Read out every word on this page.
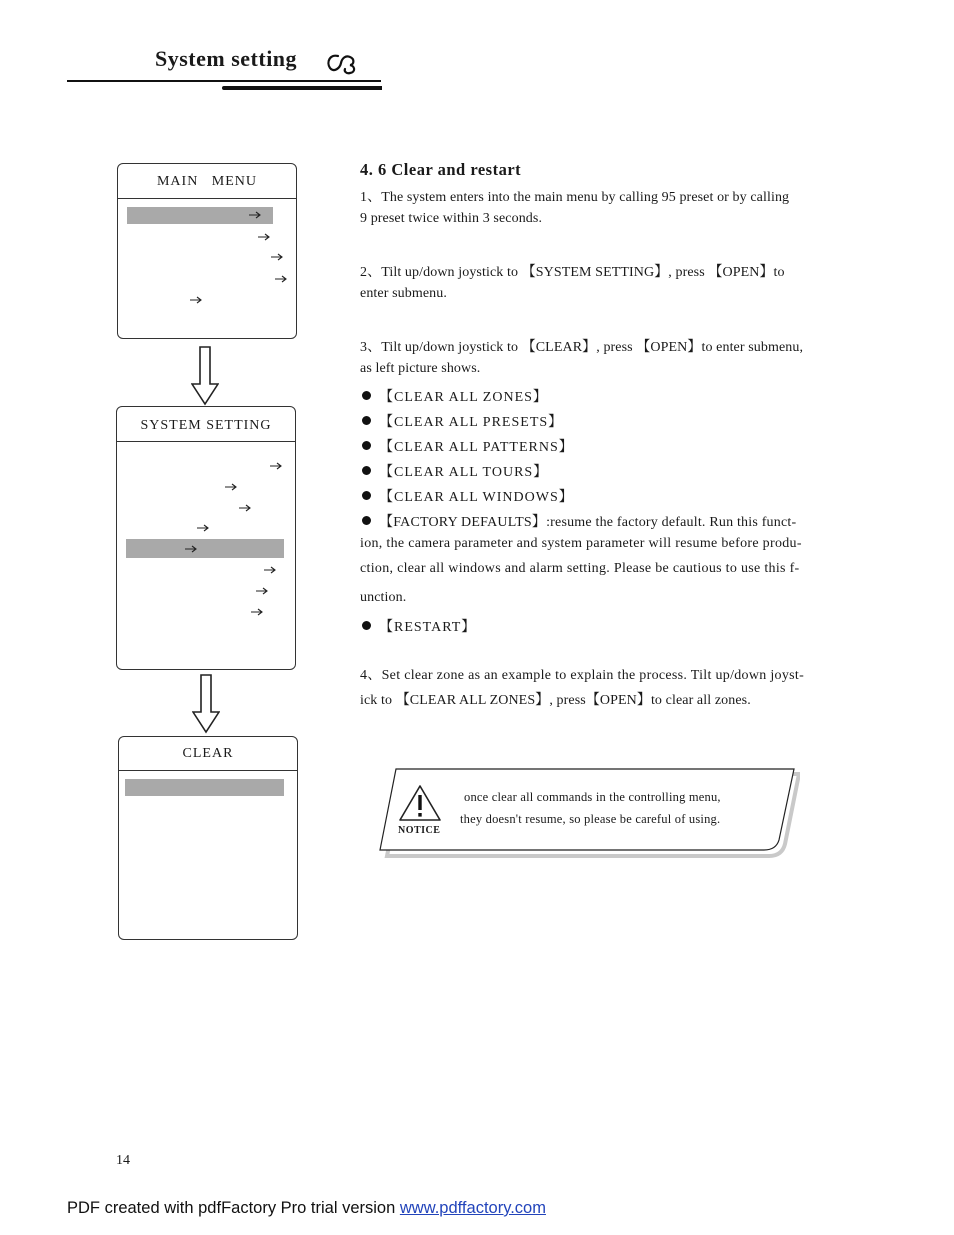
System setting
MAIN   MENU
SYSTEM SETTING
CLEAR
4. 6 Clear and restart
1、The system enters into the main menu by calling 95 preset or by calling
9 preset twice within 3 seconds.
2、Tilt up/down joystick to 【SYSTEM SETTING】, press 【OPEN】to
enter submenu.
3、Tilt up/down joystick to 【CLEAR】, press 【OPEN】to enter submenu,
as left picture shows.
【CLEAR ALL ZONES】
【CLEAR ALL PRESETS】
【CLEAR ALL PATTERNS】
【CLEAR ALL TOURS】
【CLEAR ALL WINDOWS】
【FACTORY DEFAULTS】:resume the factory default. Run this funct-
ion, the camera parameter and system parameter will resume before produ-
ction, clear all windows and alarm setting. Please be cautious to use this f-
unction.
【RESTART】
4、Set clear zone as an example to explain the process. Tilt up/down joyst-
ick to 【CLEAR ALL ZONES】, press【OPEN】to clear all zones.
NOTICE
once clear all commands in the controlling menu,
they doesn't resume, so please be careful of using.
14
PDF created with pdfFactory Pro trial version www.pdffactory.com
